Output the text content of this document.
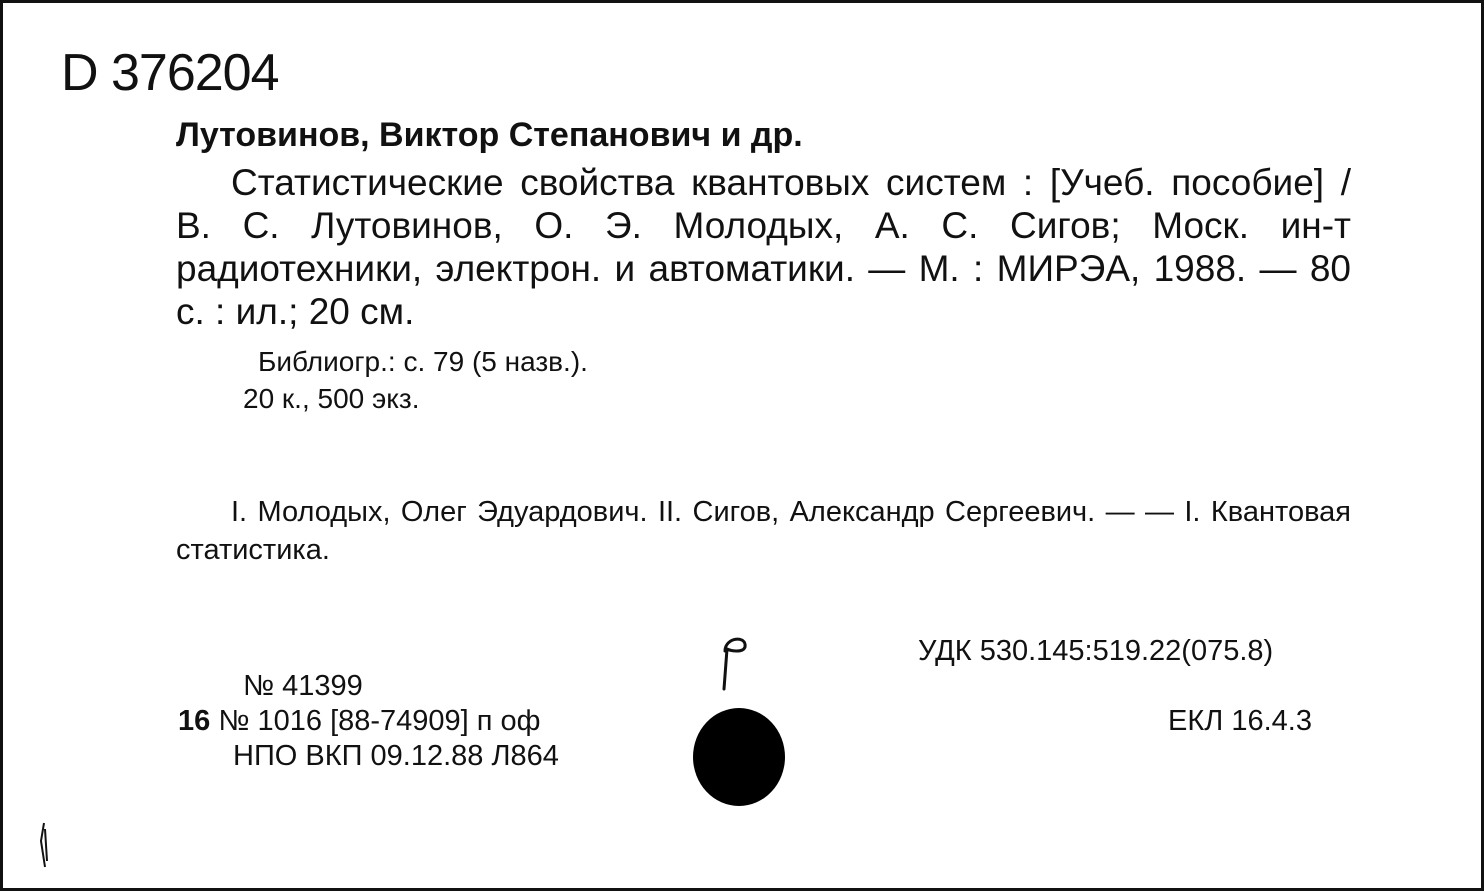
D 376204
Лутовинов, Виктор Степанович и др.

Статистические свойства квантовых систем : [Учеб. пособие] / В. С. Лутовинов, О. Э. Молодых, А. С. Сигов; Моск. ин-т радиотехники, электрон. и автоматики. — М. : МИРЭА, 1988. — 80 с. : ил.; 20 см.

Библиогр.: с. 79 (5 назв.).
20 к., 500 экз.

I. Молодых, Олег Эдуардович. II. Сигов, Александр Сергеевич. — — I. Квантовая статистика.

УДК 530.145:519.22(075.8)
ЕКЛ 16.4.3
№ 41399
16 № 1016 [88-74909] п оф
НПО ВКП 09.12.88 Л864
